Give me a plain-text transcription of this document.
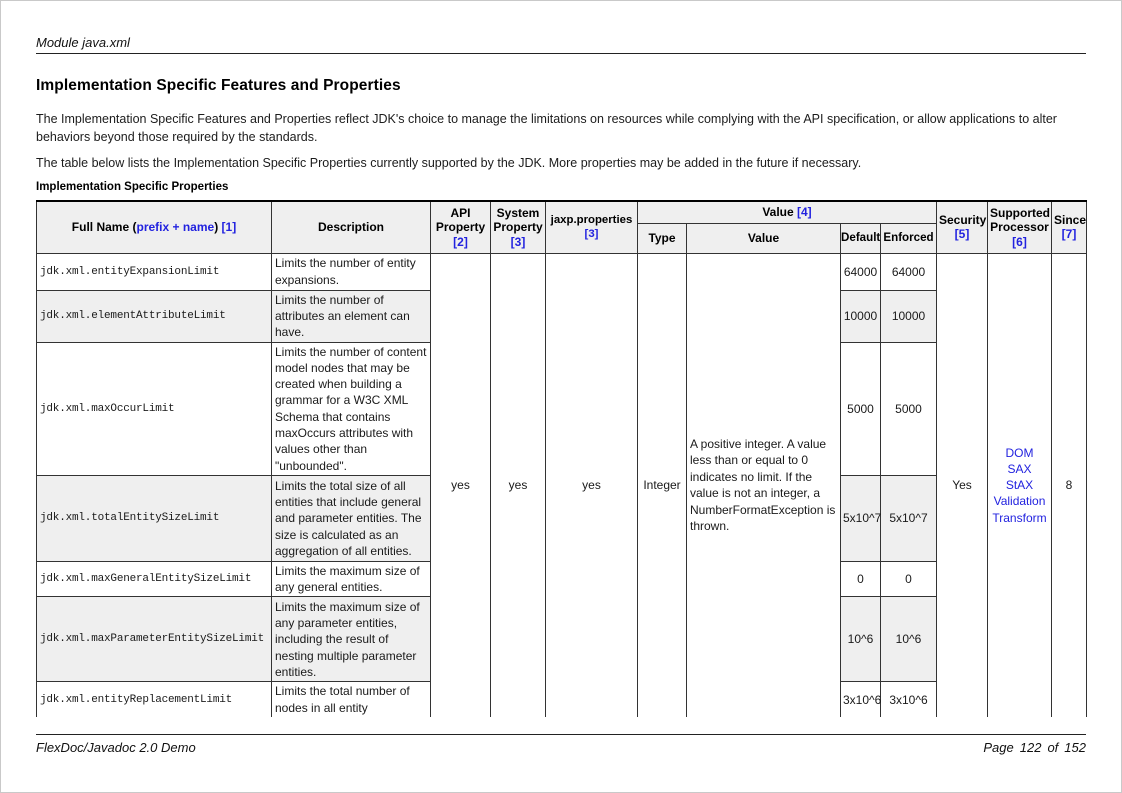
Module java.xml
Implementation Specific Features and Properties

The Implementation Specific Features and Properties reflect JDK's choice to manage the limitations on resources while complying with the API specification, or allow applications to alter behaviors beyond those required by the standards.

The table below lists the Implementation Specific Properties currently supported by the JDK. More properties may be added in the future if necessary.

Implementation Specific Properties
Full Name (prefix + name) [1]	Description	API Property [2]	System Property [3]	jaxp.properties [3]	Value [4]				Security [5]	Supported Processor [6]	Since [7]
					Type	Value	Default	Enforced			
jdk.xml.entityExpansionLimit	Limits the number of entity expansions.	yes	yes	yes	Integer	A positive integer. A value less than or equal to 0 indicates no limit. If the value is not an integer, a NumberFormatException is thrown.	64000	64000	Yes	DOM
SAX
StAX
Validation
Transform	8
jdk.xml.elementAttributeLimit	Limits the number of attributes an element can have.						10000	10000			
jdk.xml.maxOccurLimit	Limits the number of content model nodes that may be created when building a grammar for a W3C XML Schema that contains maxOccurs attributes with values other than "unbounded".						5000	5000			
jdk.xml.totalEntitySizeLimit	Limits the total size of all entities that include general and parameter entities. The size is calculated as an aggregation of all entities.						5x10^7	5x10^7			
jdk.xml.maxGeneralEntitySizeLimit	Limits the maximum size of any general entities.						0	0			
jdk.xml.maxParameterEntitySizeLimit	Limits the maximum size of any parameter entities, including the result of nesting multiple parameter entities.						10^6	10^6			
jdk.xml.entityReplacementLimit	Limits the total number of nodes in all entity						3x10^6	3x10^6			
FlexDoc/Javadoc 2.0 Demo	Page 122 of 152
